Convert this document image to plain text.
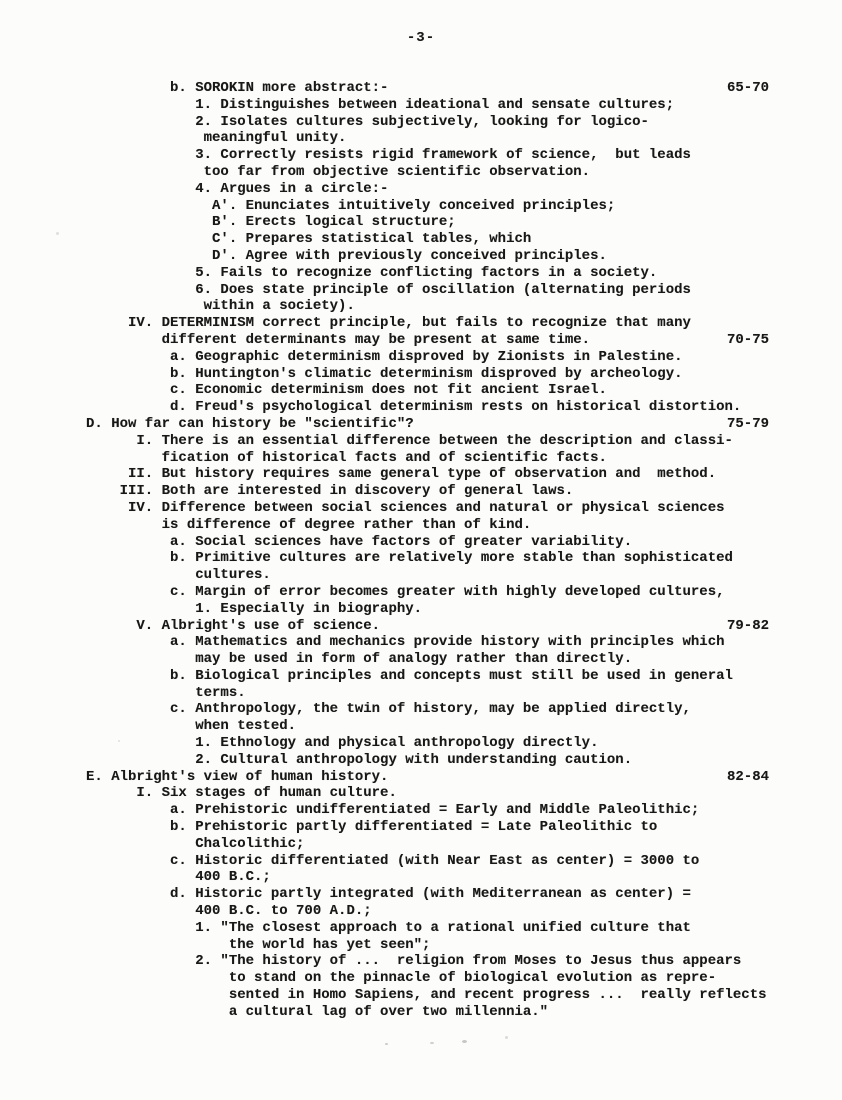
-3-
b. SOROKIN more abstract:-	65-70
1. Distinguishes between ideational and sensate cultures;
2. Isolates cultures subjectively, looking for logico-
meaningful unity.
3. Correctly resists rigid framework of science,  but leads
too far from objective scientific observation.
4. Argues in a circle:-
A'. Enunciates intuitively conceived principles;
B'. Erects logical structure;
C'. Prepares statistical tables, which
D'. Agree with previously conceived principles.
5. Fails to recognize conflicting factors in a society.
6. Does state principle of oscillation (alternating periods
within a society).
IV. DETERMINISM correct principle, but fails to recognize that many
different determinants may be present at same time.	70-75
a. Geographic determinism disproved by Zionists in Palestine.
b. Huntington's climatic determinism disproved by archeology.
c. Economic determinism does not fit ancient Israel.
d. Freud's psychological determinism rests on historical distortion.
D. How far can history be "scientific"?	75-79
I. There is an essential difference between the description and classi-
fication of historical facts and of scientific facts.
II. But history requires same general type of observation and  method.
III. Both are interested in discovery of general laws.
IV. Difference between social sciences and natural or physical sciences
is difference of degree rather than of kind.
a. Social sciences have factors of greater variability.
b. Primitive cultures are relatively more stable than sophisticated
cultures.
c. Margin of error becomes greater with highly developed cultures,
1. Especially in biography.
V. Albright's use of science.	79-82
a. Mathematics and mechanics provide history with principles which
may be used in form of analogy rather than directly.
b. Biological principles and concepts must still be used in general
terms.
c. Anthropology, the twin of history, may be applied directly,
when tested.
1. Ethnology and physical anthropology directly.
2. Cultural anthropology with understanding caution.
E. Albright's view of human history.	82-84
I. Six stages of human culture.
a. Prehistoric undifferentiated = Early and Middle Paleolithic;
b. Prehistoric partly differentiated = Late Paleolithic to
Chalcolithic;
c. Historic differentiated (with Near East as center) = 3000 to
400 B.C.;
d. Historic partly integrated (with Mediterranean as center) =
400 B.C. to 700 A.D.;
1. "The closest approach to a rational unified culture that
the world has yet seen";
2. "The history of ...  religion from Moses to Jesus thus appears
to stand on the pinnacle of biological evolution as repre-
sented in Homo Sapiens, and recent progress ...  really reflects
a cultural lag of over two millennia."
